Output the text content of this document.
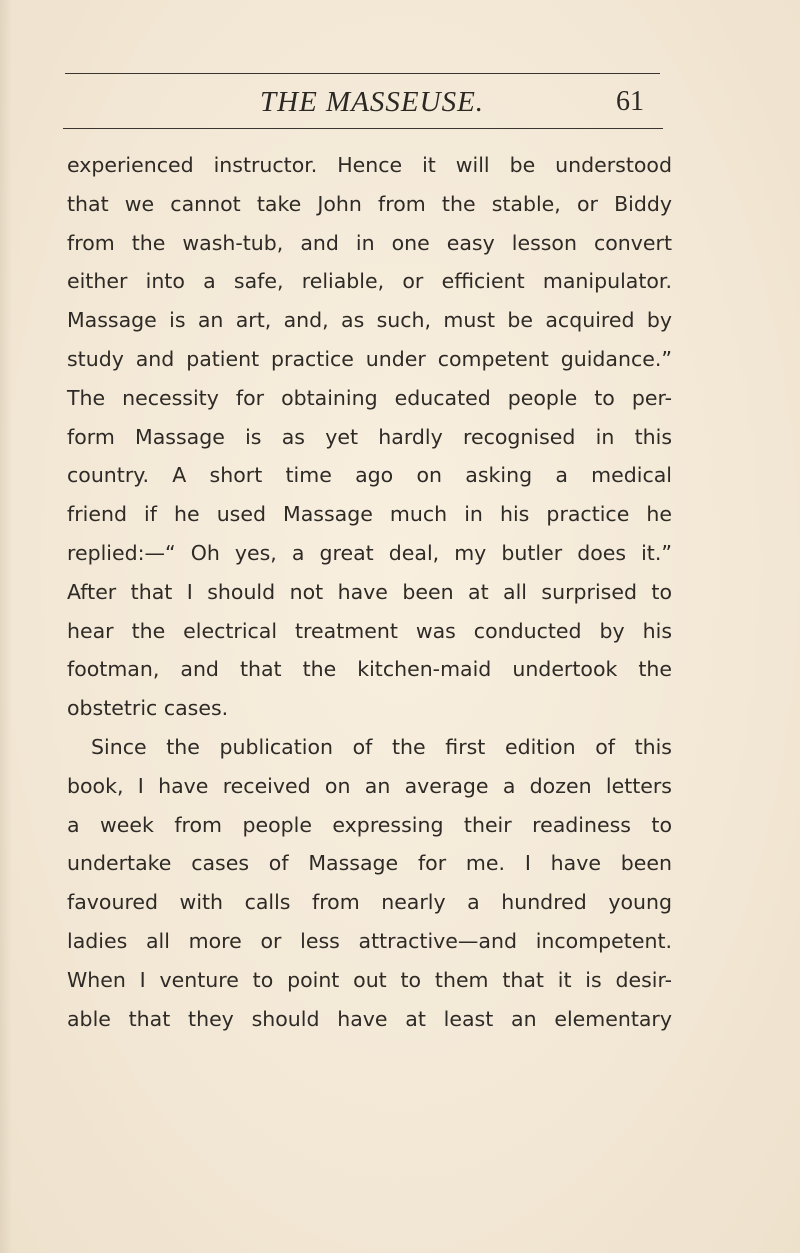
THE MASSEUSE.	61
experienced instructor. Hence it will be understood
that we cannot take John from the stable, or Biddy
from the wash-tub, and in one easy lesson convert
either into a safe, reliable, or efficient manipulator.
Massage is an art, and, as such, must be acquired by
study and patient practice under competent guidance.”
The necessity for obtaining educated people to per-
form Massage is as yet hardly recognised in this
country. A short time ago on asking a medical
friend if he used Massage much in his practice he
replied:—“ Oh yes, a great deal, my butler does it.”
After that I should not have been at all surprised to
hear the electrical treatment was conducted by his
footman, and that the kitchen-maid undertook the
obstetric cases.
Since the publication of the first edition of this
book, I have received on an average a dozen letters
a week from people expressing their readiness to
undertake cases of Massage for me. I have been
favoured with calls from nearly a hundred young
ladies all more or less attractive—and incompetent.
When I venture to point out to them that it is desir-
able that they should have at least an elementary
